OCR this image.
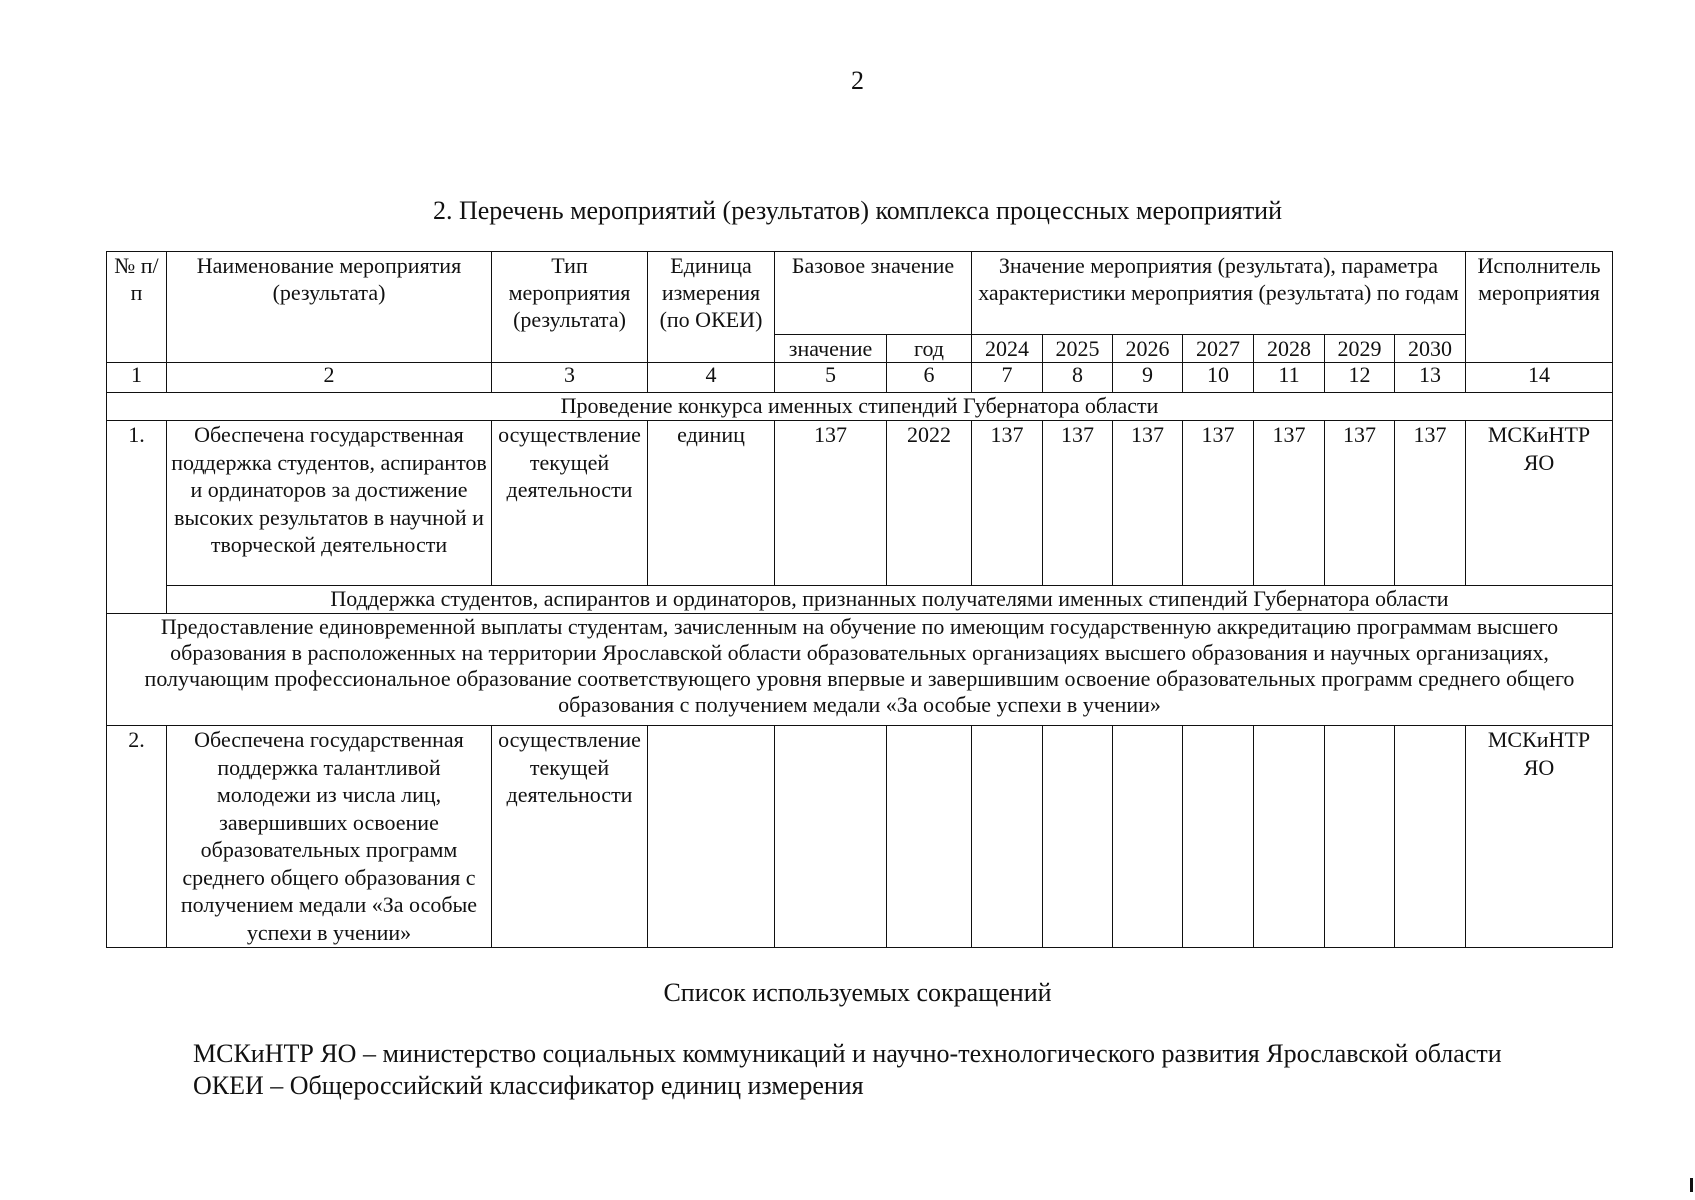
2
2. Перечень мероприятий (результатов) комплекса процессных мероприятий
№ п/п	Наименование мероприятия (результата)	Тип мероприятия (результата)	Единица измерения (по ОКЕИ)	Базовое значение		Значение мероприятия (результата), параметра характеристики мероприятия (результата) по годам							Исполнитель мероприятия
				значение	год	2024	2025	2026	2027	2028	2029	2030	
1	2	3	4	5	6	7	8	9	10	11	12	13	14
Проведение конкурса именных стипендий Губернатора области													
1.	Обеспечена государственная поддержка студентов, аспирантов и ординаторов за достижение высоких результатов в научной и творческой деятельности	осуществление текущей деятельности	единиц	137	2022	137	137	137	137	137	137	137	МСКиНТР ЯО
	Поддержка студентов, аспирантов и ординаторов, признанных получателями именных стипендий Губернатора области												
Предоставление единовременной выплаты студентам, зачисленным на обучение по имеющим государственную аккредитацию программам высшего образования в расположенных на территории Ярославской области образовательных организациях высшего образования и научных организациях, получающим профессиональное образование соответствующего уровня впервые и завершившим освоение образовательных программ среднего общего образования с получением медали «За особые успехи в учении»													
2.	Обеспечена государственная поддержка талантливой молодежи из числа лиц, завершивших освоение образовательных программ среднего общего образования с получением медали «За особые успехи в учении»	осуществление текущей деятельности											МСКиНТР ЯО
Список используемых сокращений
МСКиНТР ЯО – министерство социальных коммуникаций и научно-технологического развития Ярославской области
ОКЕИ – Общероссийский классификатор единиц измерения
